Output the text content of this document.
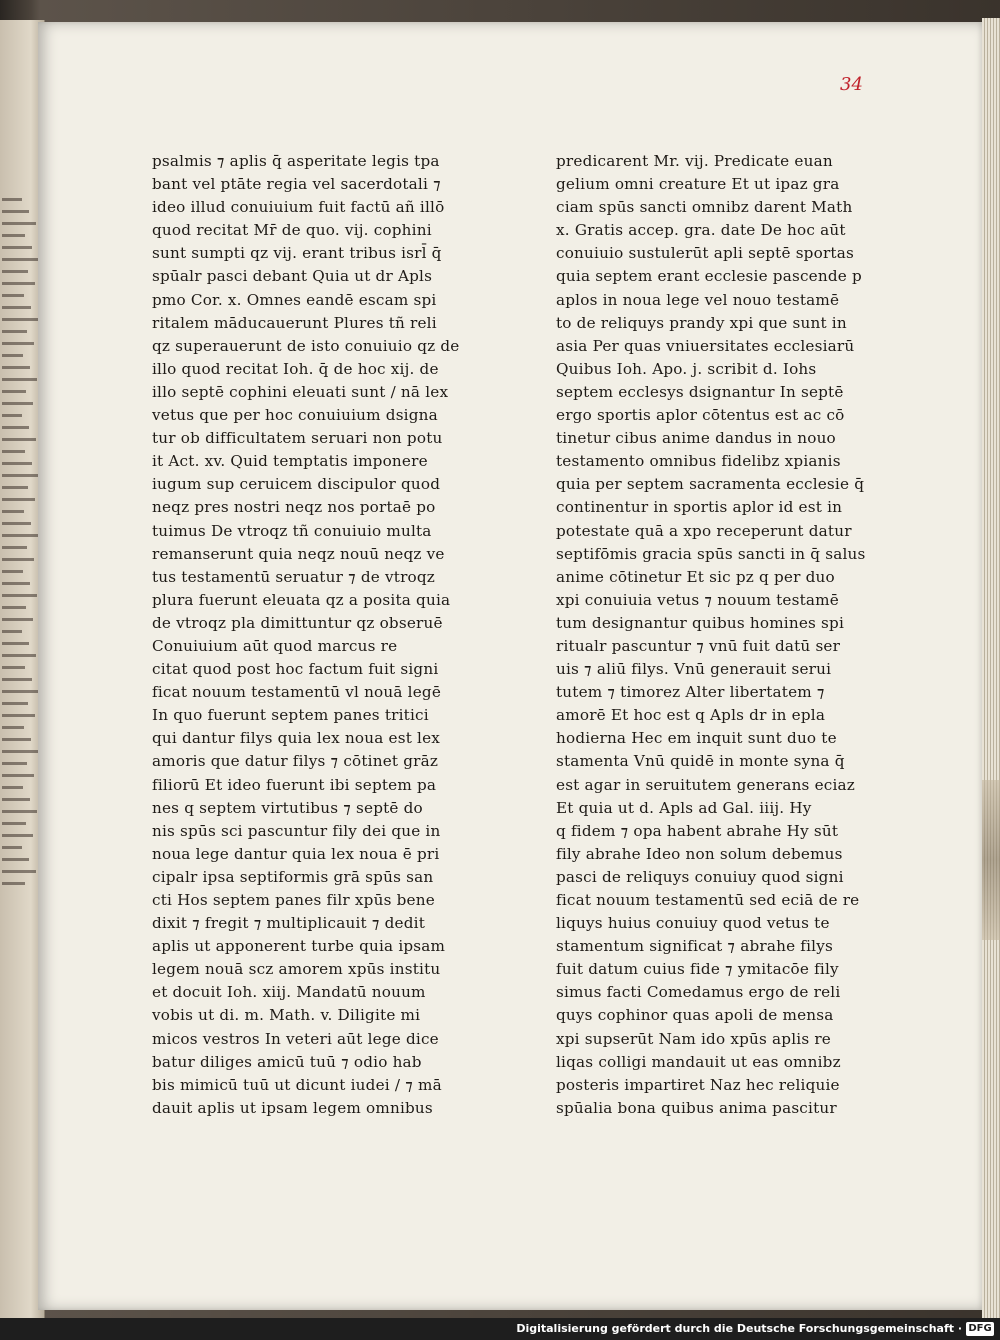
34
psalmis ⁊ aplis q̄ asperitate legis tpa
bant vel ptāte regia vel sacerdotali ⁊
ideo illud conuiuium fuit factū añ illō
quod recitat Mr̄ de quo. vij. cophini
sunt sumpti qz vij. erant tribus isrl̄ q̄
spūalr pasci debant Quia ut dr Apls
pmo Cor. x. Omnes eandē escam spi
ritalem māducauerunt Plures tñ reli
qz superauerunt de isto conuiuio qz de
illo quod recitat Ioh. q̄ de hoc xij. de
illo septē cophini eleuati sunt / nā lex
vetus que per hoc conuiuium dsigna
tur ob difficultatem seruari non potu
it Act. xv. Quid temptatis imponere
iugum sup ceruicem discipulor quod
neqz pres nostri neqz nos portaē po
tuimus De vtroqz tñ conuiuio multa
remanserunt quia neqz nouū neqz ve
tus testamentū seruatur ⁊ de vtroqz
plura fuerunt eleuata qz a posita quia
de vtroqz pla dimittuntur qz obseruē
Conuiuium aūt quod marcus re
citat quod post hoc factum fuit signi
ficat nouum testamentū vl nouā legē
In quo fuerunt septem panes tritici
qui dantur filys quia lex noua est lex
amoris que datur filys ⁊ cōtinet grāz
filiorū Et ideo fuerunt ibi septem pa
nes q septem virtutibus ⁊ septē do
nis spūs sci pascuntur fily dei que in
noua lege dantur quia lex noua ē pri
cipalr ipsa septiformis grā spūs san
cti Hos septem panes filr xpūs bene
dixit ⁊ fregit ⁊ multiplicauit ⁊ dedit
aplis ut apponerent turbe quia ipsam
legem nouā scz amorem xpūs institu
et docuit Ioh. xiij. Mandatū nouum
vobis ut di. m. Math. v. Diligite mi
micos vestros In veteri aūt lege dice
batur diliges amicū tuū ⁊ odio hab
bis mimicū tuū ut dicunt iudei / ⁊ mā
dauit aplis ut ipsam legem omnibus
predicarent Mr. vij. Predicate euan
gelium omni creature Et ut ipaz gra
ciam spūs sancti omnibz darent Math
x. Gratis accep. gra. date De hoc aūt
conuiuio sustulerūt apli septē sportas
quia septem erant ecclesie pascende p
aplos in noua lege vel nouo testamē
to de reliquys prandy xpi que sunt in
asia Per quas vniuersitates ecclesiarū
Quibus Ioh. Apo. j. scribit d. Iohs
septem ecclesys dsignantur In septē
ergo sportis aplor cōtentus est ac cō
tinetur cibus anime dandus in nouo
testamento omnibus fidelibz xpianis
quia per septem sacramenta ecclesie q̄
continentur in sportis aplor id est in
potestate quā a xpo receperunt datur
septifōmis gracia spūs sancti in q̄ salus
anime cōtinetur Et sic pz q per duo
xpi conuiuia vetus ⁊ nouum testamē
tum designantur quibus homines spi
ritualr pascuntur ⁊ vnū fuit datū ser
uis ⁊ aliū filys. Vnū generauit serui
tutem ⁊ timorez Alter libertatem ⁊
amorē Et hoc est q Apls dr in epla
hodierna Hec em inquit sunt duo te
stamenta Vnū quidē in monte syna q̄
est agar in seruitutem generans eciaz
Et quia ut d. Apls ad Gal. iiij. Hy
q fidem ⁊ opa habent abrahe Hy sūt
fily abrahe Ideo non solum debemus
pasci de reliquys conuiuy quod signi
ficat nouum testamentū sed eciā de re
liquys huius conuiuy quod vetus te
stamentum significat ⁊ abrahe filys
fuit datum cuius fide ⁊ ymitacōe fily
simus facti Comedamus ergo de reli
quys cophinor quas apoli de mensa
xpi supserūt Nam ido xpūs aplis re
liqas colligi mandauit ut eas omnibz
posteris impartiret Naz hec reliquie
spūalia bona quibus anima pascitur
Digitalisierung gefördert durch die Deutsche Forschungsgemeinschaft · DFG
